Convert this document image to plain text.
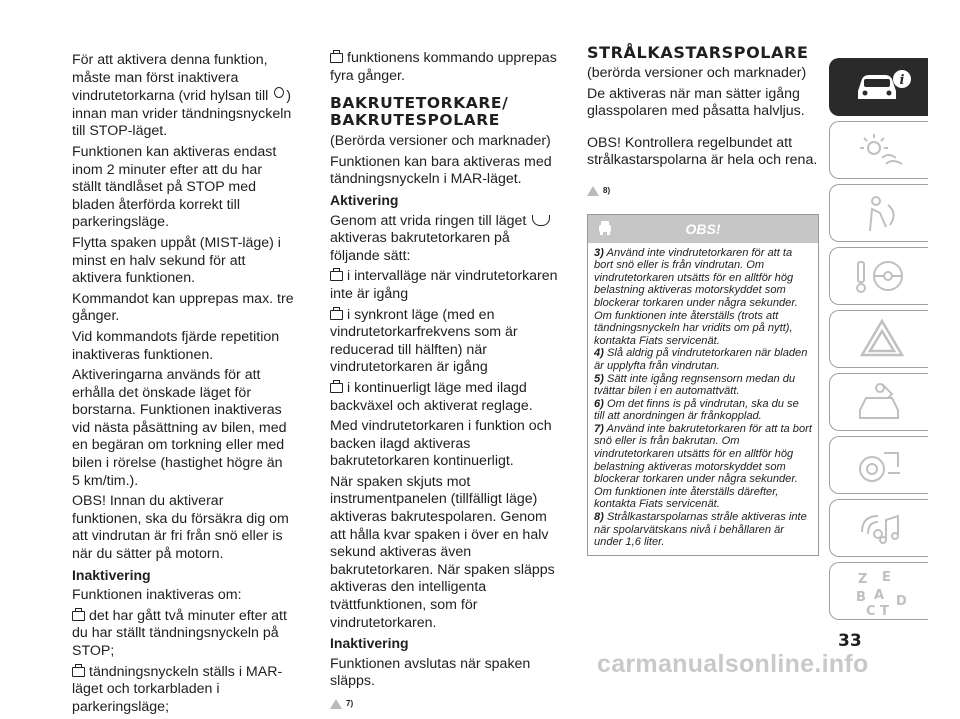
För att aktivera denna funktion, måste man först inaktivera vindrutetorkarna (vrid hylsan till ) innan man vrider tändningsnyckeln till STOP-läget.

Funktionen kan aktiveras endast inom 2 minuter efter att du har ställt tändlåset på STOP med bladen återförda korrekt till parkeringsläge.

Flytta spaken uppåt (MIST-läge) i minst en halv sekund för att aktivera funktionen.

Kommandot kan upprepas max. tre gånger.

Vid kommandots fjärde repetition inaktiveras funktionen.

Aktiveringarna används för att erhålla det önskade läget för borstarna. Funktionen inaktiveras vid nästa påsättning av bilen, med en begäran om torkning eller med bilen i rörelse (hastighet högre än 5 km/tim.).

OBS! Innan du aktiverar funktionen, ska du försäkra dig om att vindrutan är fri från snö eller is när du sätter på motorn.

Inaktivering

Funktionen inaktiveras om:

det har gått två minuter efter att du har ställt tändningsnyckeln på STOP;

tändningsnyckeln ställs i MAR-läget och torkarbladen i parkeringsläge;

funktionens kommando upprepas fyra gånger.

BAKRUTETORKARE/ BAKRUTESPOLARE

(Berörda versioner och marknader)

Funktionen kan bara aktiveras med tändningsnyckeln i MAR-läget.

Aktivering

Genom att vrida ringen till läget  aktiveras bakrutetorkaren på följande sätt:

i intervalläge när vindrutetorkaren inte är igång

i synkront läge (med en vindrutetorkarfrekvens som är reducerad till hälften) när vindrutetorkaren är igång

i kontinuerligt läge med ilagd backväxel och aktiverat reglage.

Med vindrutetorkaren i funktion och backen ilagd aktiveras bakrutetorkaren kontinuerligt.

När spaken skjuts mot instrumentpanelen (tillfälligt läge) aktiveras bakrutespolaren. Genom att hålla kvar spaken i över en halv sekund aktiveras även bakrutetorkaren. När spaken släpps aktiveras den intelligenta tvättfunktionen, som för vindrutetorkaren.

Inaktivering

Funktionen avslutas när spaken släpps.

7)
STRÅLKASTARSPOLARE

(berörda versioner och marknader)

De aktiveras när man sätter igång glasspolaren med påsatta halvljus.

OBS! Kontrollera regelbundet att strålkastarspolarna är hela och rena.

8)
OBS!

3) Använd inte vindrutetorkaren för att ta bort snö eller is från vindrutan. Om vindrutetorkaren utsätts för en alltför hög belastning aktiveras motorskyddet som blockerar torkaren under några sekunder. Om funktionen inte återställs (trots att tändningsnyckeln har vridits om på nytt), kontakta Fiats servicenät.

4) Slå aldrig på vindrutetorkaren när bladen är upplyfta från vindrutan.

5) Sätt inte igång regnsensorn medan du tvättar bilen i en automattvätt.

6) Om det finns is på vindrutan, ska du se till att anordningen är frånkopplad.

7) Använd inte bakrutetorkaren för att ta bort snö eller is från bakrutan. Om vindrutetorkaren utsätts för en alltför hög belastning aktiveras motorskyddet som blockerar torkaren under några sekunder. Om funktionen inte återställs därefter, kontakta Fiats servicenät.

8) Strålkastarspolarnas stråle aktiveras inte när spolarvätskans nivå i behållaren är under 1,6 liter.

i
Z E
B A
C T
D
33
carmanualsonline.info
